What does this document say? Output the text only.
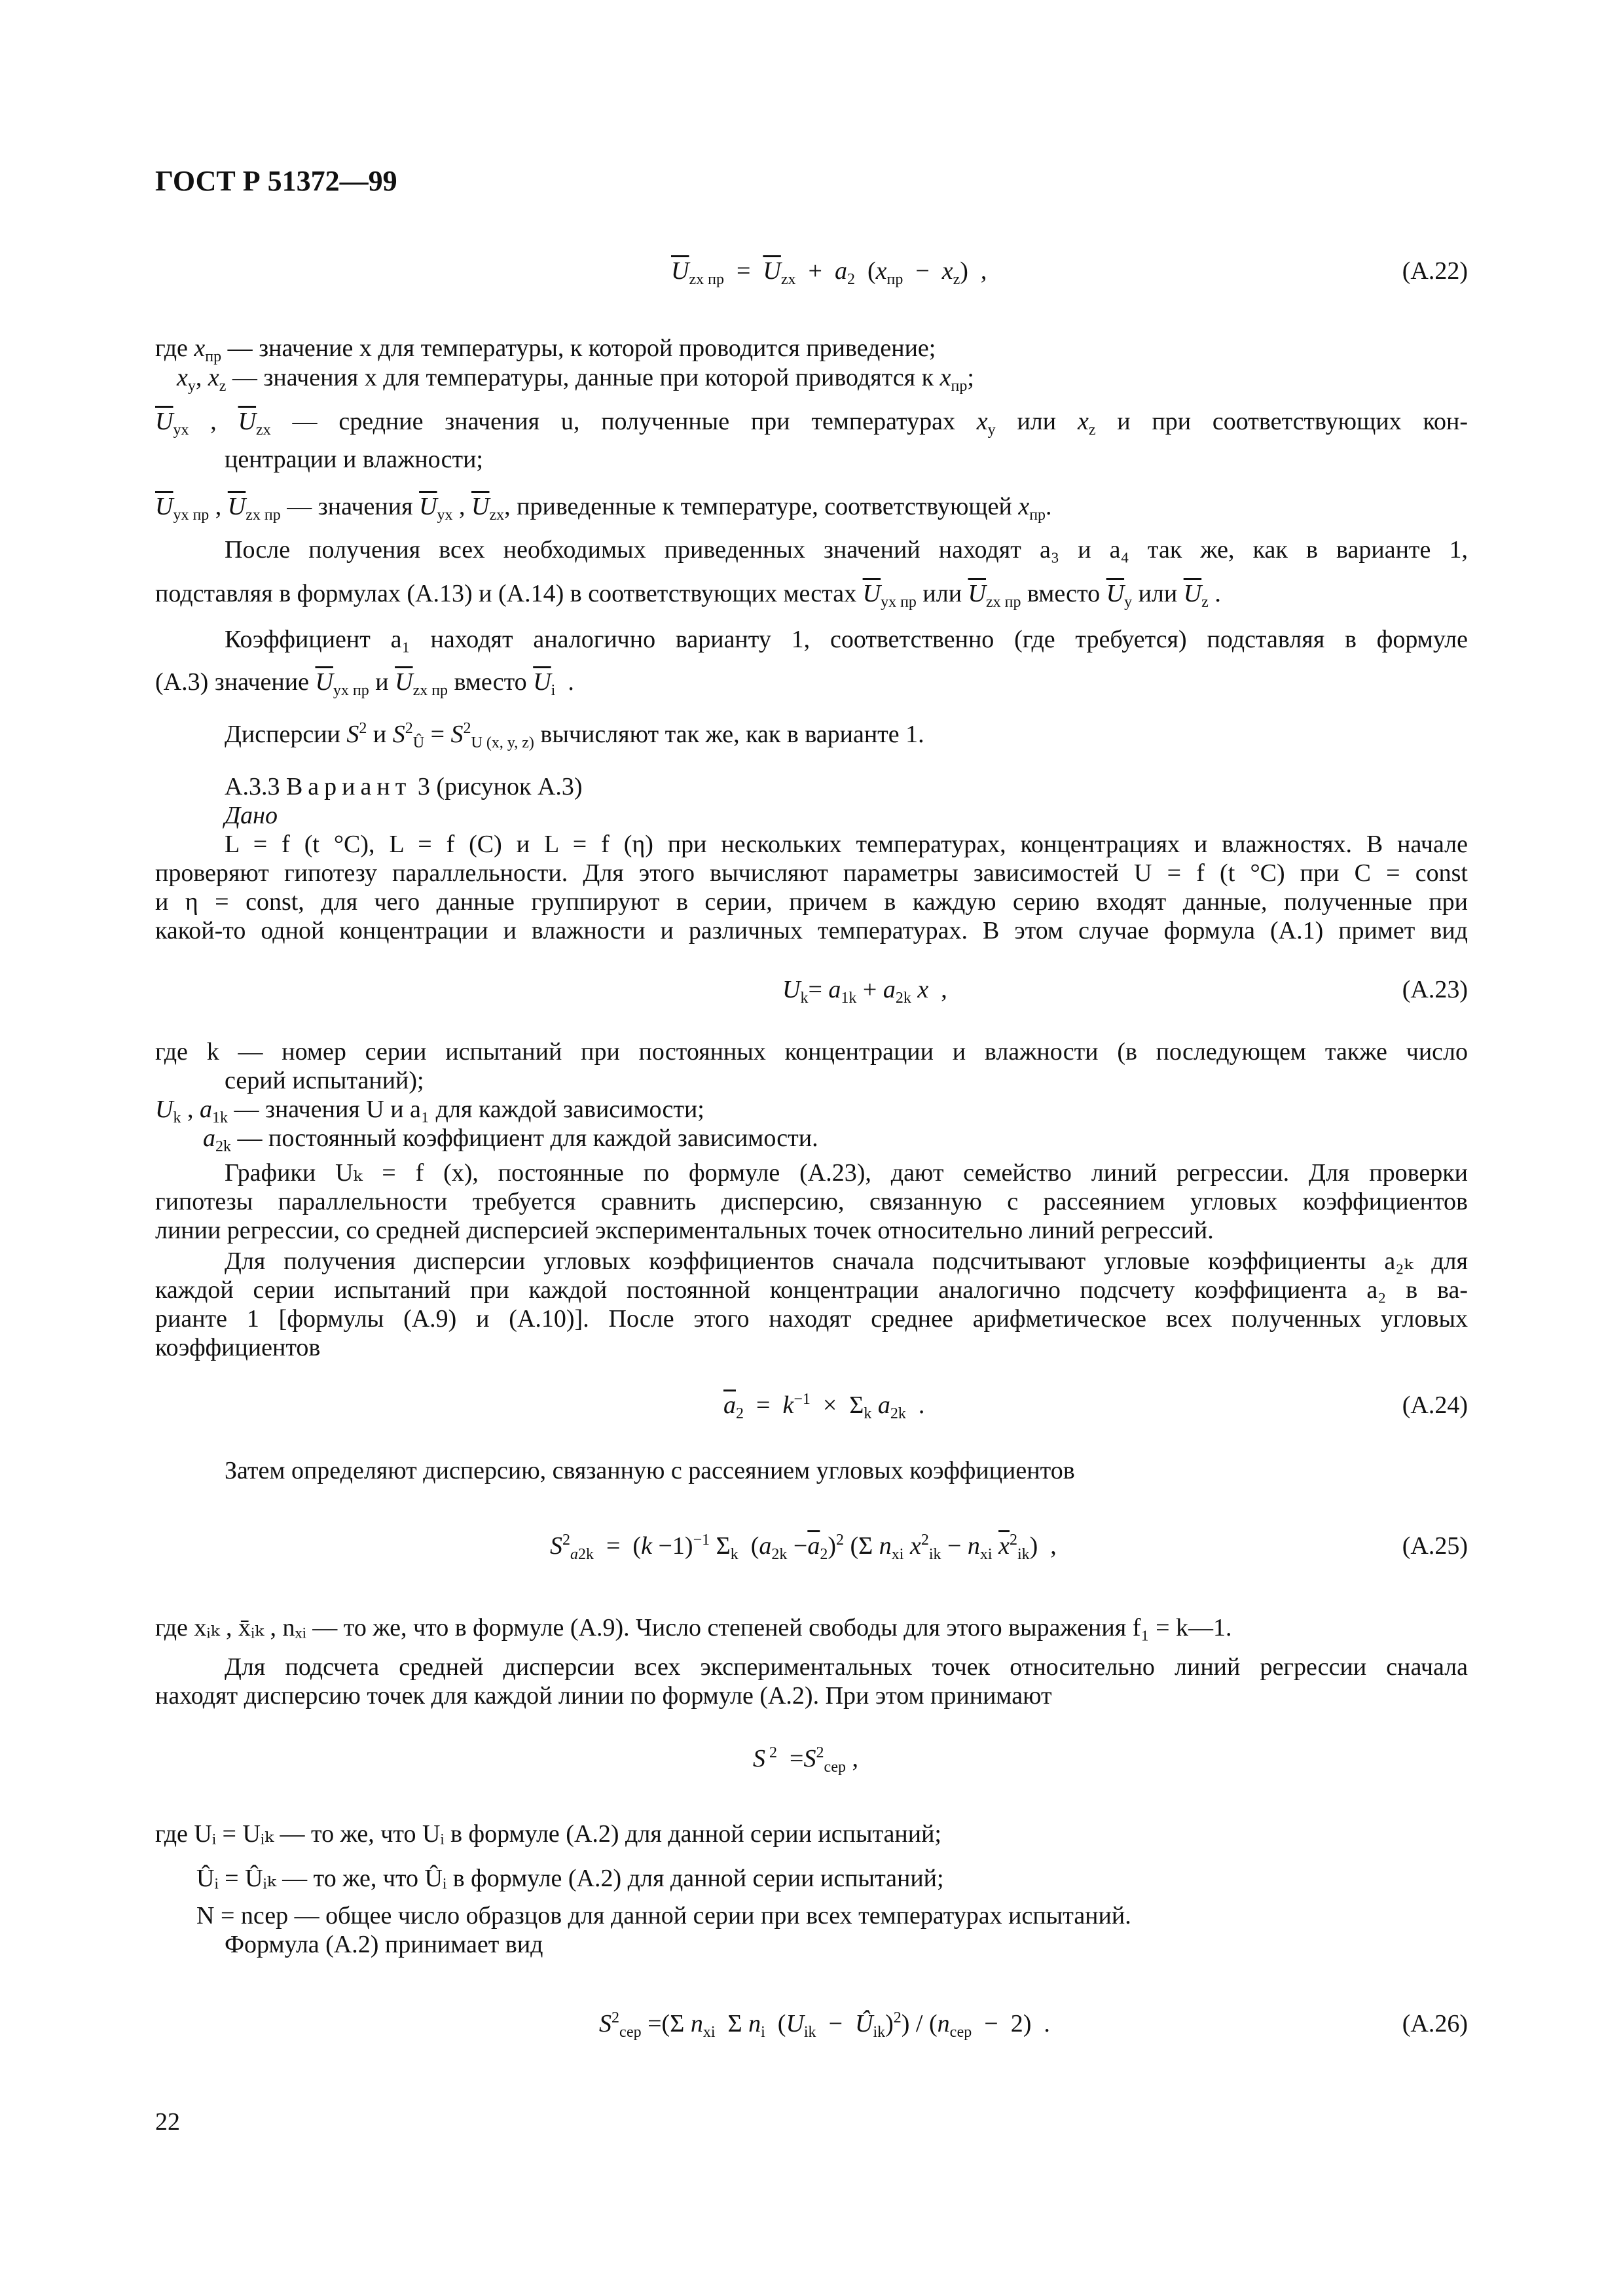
ГОСТ Р 51372—99
$\overline{U}_{zx пр} = \overline{U}_{zx} + a_2$  $(x_{пр} - x_z)$  ,	(А.22)
где $x_{пр}$ — значение x для температуры, к которой проводится приведение;
$x_y$, $x_z$ — значения x для температуры, данные при которой приводятся к $x_{пр}$;
$\overline{U}_{yx}$ , $\overline{U}_{zx}$ — средние значения u, полученные при температурах $x_y$ или $x_z$ и при соответствующих кон-
центрации и влажности;
$\overline{U}_{yx пр}$ , $\overline{U}_{zx пр}$ — значения $\overline{U}_{yx}$ , $\overline{U}_{zx}$, приведенные к температуре, соответствующей $x_{пр}$.
После получения всех необходимых приведенных значений находят a₃ и a₄ так же, как в варианте 1,
подставляя в формулах (А.13) и (А.14) в соответствующих местах $\overline{U}_{yx пр}$ или $\overline{U}_{zx пр}$ вместо $\overline{U}_y$ или $\overline{U}_z$ .
Коэффициент a₁ находят аналогично варианту 1, соответственно (где требуется) подставляя в формуле
(А.3) значение $\overline{U}_{yx пр}$ и $\overline{U}_{zx пр}$ вместо $\overline{U}_i$  .
Дисперсии $S^2$ и $S^2_Û = S^2_{U (x, y, z)}$ вычисляют так же, как в варианте 1.
А.3.3 Вариант 3 (рисунок А.3)
Дано
L = f (t °C), L = f (C) и L = f (η) при нескольких температурах, концентрациях и влажностях. В начале
проверяют гипотезу параллельности. Для этого вычисляют параметры зависимостей U = f (t °C) при C = const
и η = const, для чего данные группируют в серии, причем в каждую серию входят данные, полученные при
какой-то одной концентрации и влажности и различных температурах. В этом случае формула (А.1) примет вид
$U_k= a_{1k} + a_{2k}$ x  ,	(А.23)
где k — номер серии испытаний при постоянных концентрации и влажности (в последующем также число
серий испытаний);
$U_k$ , $a_{1k}$ — значения U и a₁ для каждой зависимости;
$a_{2k}$ — постоянный коэффициент для каждой зависимости.
Графики Uₖ = f (x), постоянные по формуле (А.23), дают семейство линий регрессии. Для проверки
гипотезы параллельности требуется сравнить дисперсию, связанную с рассеянием угловых коэффициентов
линии регрессии, со средней дисперсией экспериментальных точек относительно линий регрессий.
Для получения дисперсии угловых коэффициентов сначала подсчитывают угловые коэффициенты a₂ₖ для
каждой серии испытаний при каждой постоянной концентрации аналогично подсчету коэффициента a₂ в ва-
рианте 1 [формулы (А.9) и (А.10)]. После этого находят среднее арифметическое всех полученных угловых
коэффициентов
$\overline{a}_2 = k^{-1} \times \Sigma_k$ $a_{2k}$  .	(А.24)
Затем определяют дисперсию, связанную с рассеянием угловых коэффициентов
$S^2_{a2k} = (k -1)^{-1}$ $\Sigma_k$  $(a_{2k} -\overline{a}_2)^2$ (Σ $n_{xi}$ $x^2_{ik} - n_{xi}$ $\overline{x}^2_{ik}$)  ,	(А.25)
где xᵢₖ , x̄ᵢₖ , nₓᵢ — то же, что в формуле (А.9). Число степеней свободы для этого выражения f₁ = k—1.
Для подсчета средней дисперсии всех экспериментальных точек относительно линий регрессии сначала
находят дисперсию точек для каждой линии по формуле (А.2). При этом принимают
S $^2 =S^2_{сер}$ ,
где Uᵢ = Uᵢₖ — то же, что Uᵢ в формуле (А.2) для данной серии испытаний;
Ûᵢ = Ûᵢₖ — то же, что Ûᵢ в формуле (А.2) для данной серии испытаний;
N = nсер — общее число образцов для данной серии при всех температурах испытаний.
Формула (А.2) принимает вид
$S^2_{сер} =(\Sigma$ $n_{xi}$  Σ $n_i$  ($U_{ik}$  −  $Û_{ik})^2) / (n_{сер} - 2)$  .	(А.26)
22
